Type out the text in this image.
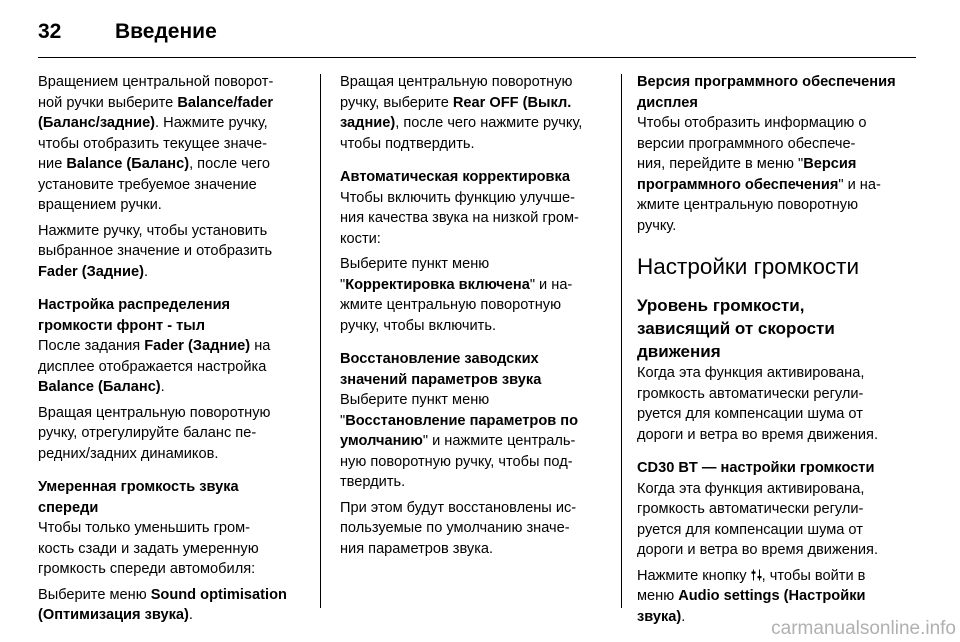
32	Введение
Вращением центральной поворот‐
ной ручки выберите Balance/fader
(Баланс/задние). Нажмите ручку,
чтобы отобразить текущее значе‐
ние Balance (Баланс), после чего
установите требуемое значение
вращением ручки.
Нажмите ручку, чтобы установить
выбранное значение и отобразить
Fader (Задние).
Настройка распределения
громкости фронт - тыл
После задания Fader (Задние) на
дисплее отображается настройка
Balance (Баланс).
Вращая центральную поворотную
ручку, отрегулируйте баланс пе‐
редних/задних динамиков.
Умеренная громкость звука
спереди
Чтобы только уменьшить гром‐
кость сзади и задать умеренную
громкость спереди автомобиля:
Выберите меню Sound optimisation
(Оптимизация звука).
Вращая центральную поворотную
ручку, выберите Rear OFF (Выкл.
задние), после чего нажмите ручку,
чтобы подтвердить.
Автоматическая корректировка
Чтобы включить функцию улучше‐
ния качества звука на низкой гром‐
кости:
Выберите пункт меню
"Корректировка включена" и на‐
жмите центральную поворотную
ручку, чтобы включить.
Восстановление заводских
значений параметров звука
Выберите пункт меню
"Восстановление параметров по
умолчанию" и нажмите централь‐
ную поворотную ручку, чтобы под‐
твердить.
При этом будут восстановлены ис‐
пользуемые по умолчанию значе‐
ния параметров звука.
Версия программного обеспечения
дисплея
Чтобы отобразить информацию о
версии программного обеспече‐
ния, перейдите в меню "Версия
программного обеспечения" и на‐
жмите центральную поворотную
ручку.
Настройки громкости
Уровень громкости,
зависящий от скорости
движения
Когда эта функция активирована,
громкость автоматически регули‐
руется для компенсации шума от
дороги и ветра во время движения.
CD30 BT — настройки громкости
Когда эта функция активирована,
громкость автоматически регули‐
руется для компенсации шума от
дороги и ветра во время движения.
Нажмите кнопку
, чтобы войти в
меню Audio settings (Настройки
звука).
carmanualsonline.info
